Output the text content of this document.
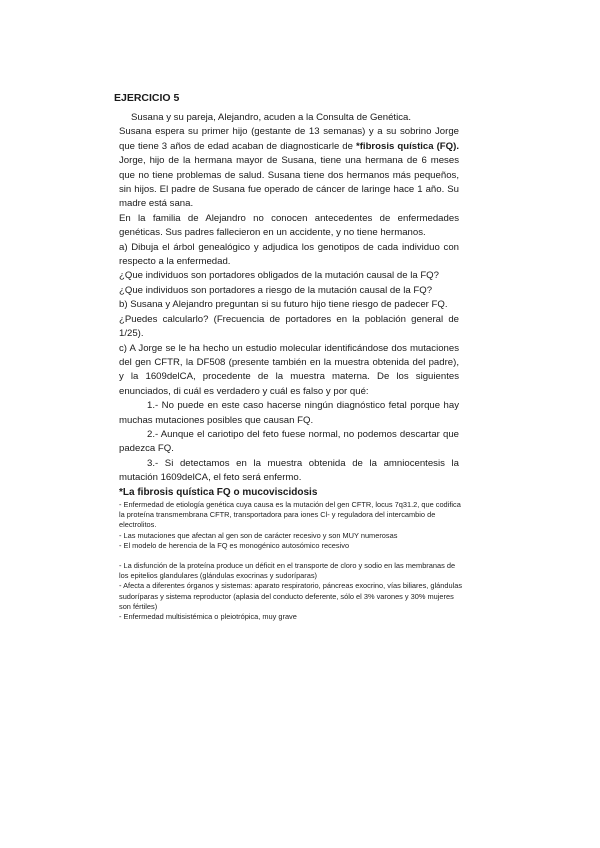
EJERCICIO 5

Susana y su pareja, Alejandro, acuden a la Consulta de Genética.

Susana espera su primer hijo (gestante de 13 semanas) y a su sobrino Jorge que tiene 3 años de edad acaban de diagnosticarle de *fibrosis quística (FQ). Jorge, hijo de la hermana mayor de Susana, tiene una hermana de 6 meses que no tiene problemas de salud. Susana tiene dos hermanos más pequeños, sin hijos. El padre de Susana fue operado de cáncer de laringe hace 1 año. Su madre está sana.

En la familia de Alejandro no conocen antecedentes de enfermedades genéticas. Sus padres fallecieron en un accidente, y no tiene hermanos.

a) Dibuja el árbol genealógico y adjudica los genotipos de cada individuo con respecto a la enfermedad.

¿Que individuos son portadores obligados de la mutación causal de la FQ?

¿Que individuos son portadores a riesgo de la mutación causal de la FQ?

b) Susana y Alejandro preguntan si su futuro hijo tiene riesgo de padecer FQ.

¿Puedes calcularlo? (Frecuencia de portadores en la población general de 1/25).

c) A Jorge se le ha hecho un estudio molecular identificándose dos mutaciones del gen CFTR, la DF508 (presente también en la muestra obtenida del padre), y la 1609delCA, procedente de la muestra materna. De los siguientes enunciados, di cuál es verdadero y cuál es falso y por qué:

1.- No puede en este caso hacerse ningún diagnóstico fetal porque hay muchas mutaciones posibles que causan FQ.

2.- Aunque el cariotipo del feto fuese normal, no podemos descartar que padezca FQ.

3.- Si detectamos en la muestra obtenida de la amniocentesis la mutación 1609delCA, el feto será enfermo.

*La fibrosis quística FQ o mucoviscidosis

- Enfermedad de etiología genética cuya causa es la mutación del gen CFTR, locus 7q31.2, que codifica la proteína transmembrana CFTR, transportadora para iones Cl- y reguladora del intercambio de electrolitos.

- Las mutaciones que afectan al gen son de carácter recesivo y son MUY numerosas

- El modelo de herencia de la FQ es monogénico autosómico recesivo

- La disfunción de la proteína produce un déficit en el transporte de cloro y sodio en las membranas de los epitelios glandulares (glándulas exocrinas y sudoríparas)

- Afecta a diferentes órganos y sistemas: aparato respiratorio, páncreas exocrino, vías biliares, glándulas sudoríparas y sistema reproductor (aplasia del conducto deferente, sólo el 3% varones y 30% mujeres son fértiles)

- Enfermedad multisistémica o pleiotrópica, muy grave
